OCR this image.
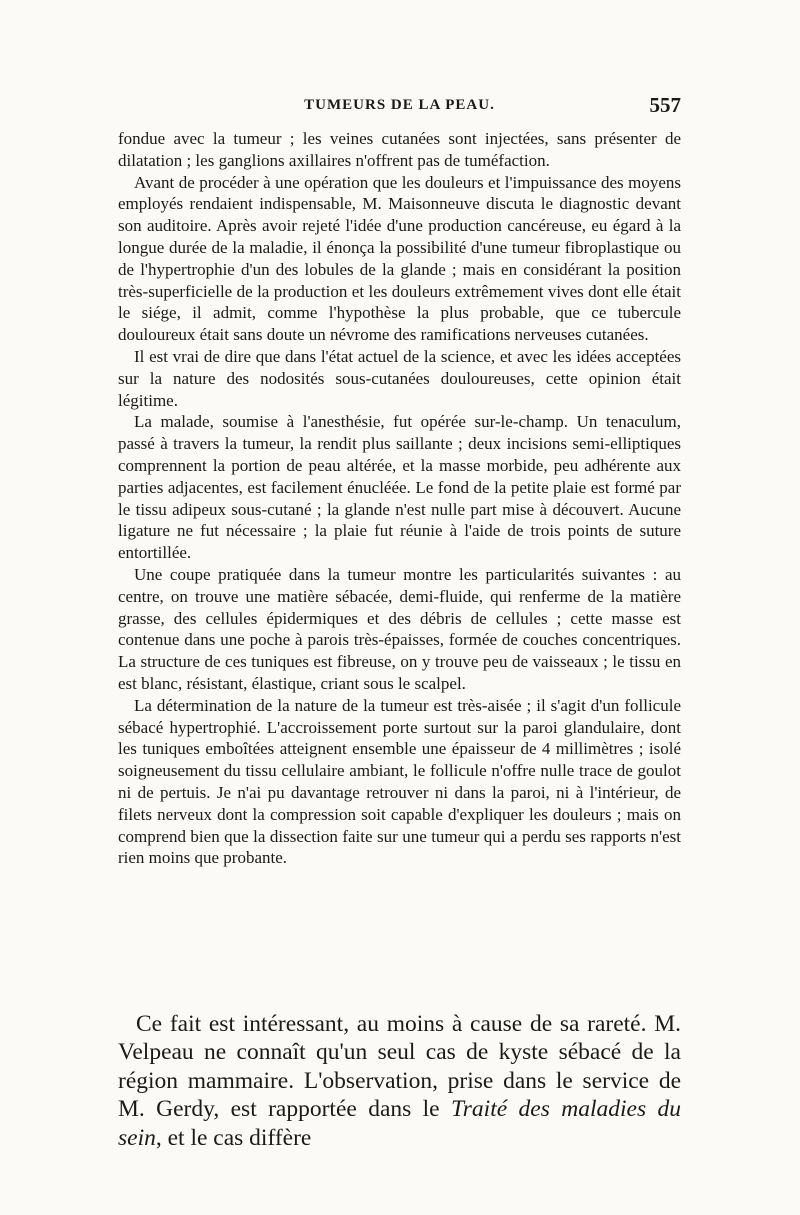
TUMEURS DE LA PEAU.	557

fondue avec la tumeur ; les veines cutanées sont injectées, sans présenter de dilatation ; les ganglions axillaires n'offrent pas de tuméfaction.

Avant de procéder à une opération que les douleurs et l'impuissance des moyens employés rendaient indispensable, M. Maisonneuve discuta le diagnostic devant son auditoire. Après avoir rejeté l'idée d'une production cancéreuse, eu égard à la longue durée de la maladie, il énonça la possibilité d'une tumeur fibroplastique ou de l'hypertrophie d'un des lobules de la glande ; mais en considérant la position très-superficielle de la production et les douleurs extrêmement vives dont elle était le siége, il admit, comme l'hypothèse la plus probable, que ce tubercule douloureux était sans doute un névrome des ramifications nerveuses cutanées.

Il est vrai de dire que dans l'état actuel de la science, et avec les idées acceptées sur la nature des nodosités sous-cutanées douloureuses, cette opinion était légitime.

La malade, soumise à l'anesthésie, fut opérée sur-le-champ. Un tenaculum, passé à travers la tumeur, la rendit plus saillante ; deux incisions semi-elliptiques comprennent la portion de peau altérée, et la masse morbide, peu adhérente aux parties adjacentes, est facilement énucléée. Le fond de la petite plaie est formé par le tissu adipeux sous-cutané ; la glande n'est nulle part mise à découvert. Aucune ligature ne fut nécessaire ; la plaie fut réunie à l'aide de trois points de suture entortillée.

Une coupe pratiquée dans la tumeur montre les particularités suivantes : au centre, on trouve une matière sébacée, demi-fluide, qui renferme de la matière grasse, des cellules épidermiques et des débris de cellules ; cette masse est contenue dans une poche à parois très-épaisses, formée de couches concentriques. La structure de ces tuniques est fibreuse, on y trouve peu de vaisseaux ; le tissu en est blanc, résistant, élastique, criant sous le scalpel.

La détermination de la nature de la tumeur est très-aisée ; il s'agit d'un follicule sébacé hypertrophié. L'accroissement porte surtout sur la paroi glandulaire, dont les tuniques emboîtées atteignent ensemble une épaisseur de 4 millimètres ; isolé soigneusement du tissu cellulaire ambiant, le follicule n'offre nulle trace de goulot ni de pertuis. Je n'ai pu davantage retrouver ni dans la paroi, ni à l'intérieur, de filets nerveux dont la compression soit capable d'expliquer les douleurs ; mais on comprend bien que la dissection faite sur une tumeur qui a perdu ses rapports n'est rien moins que probante.

Ce fait est intéressant, au moins à cause de sa rareté. M. Velpeau ne connaît qu'un seul cas de kyste sébacé de la région mammaire. L'observation, prise dans le service de M. Gerdy, est rapportée dans le Traité des maladies du sein, et le cas diffère
